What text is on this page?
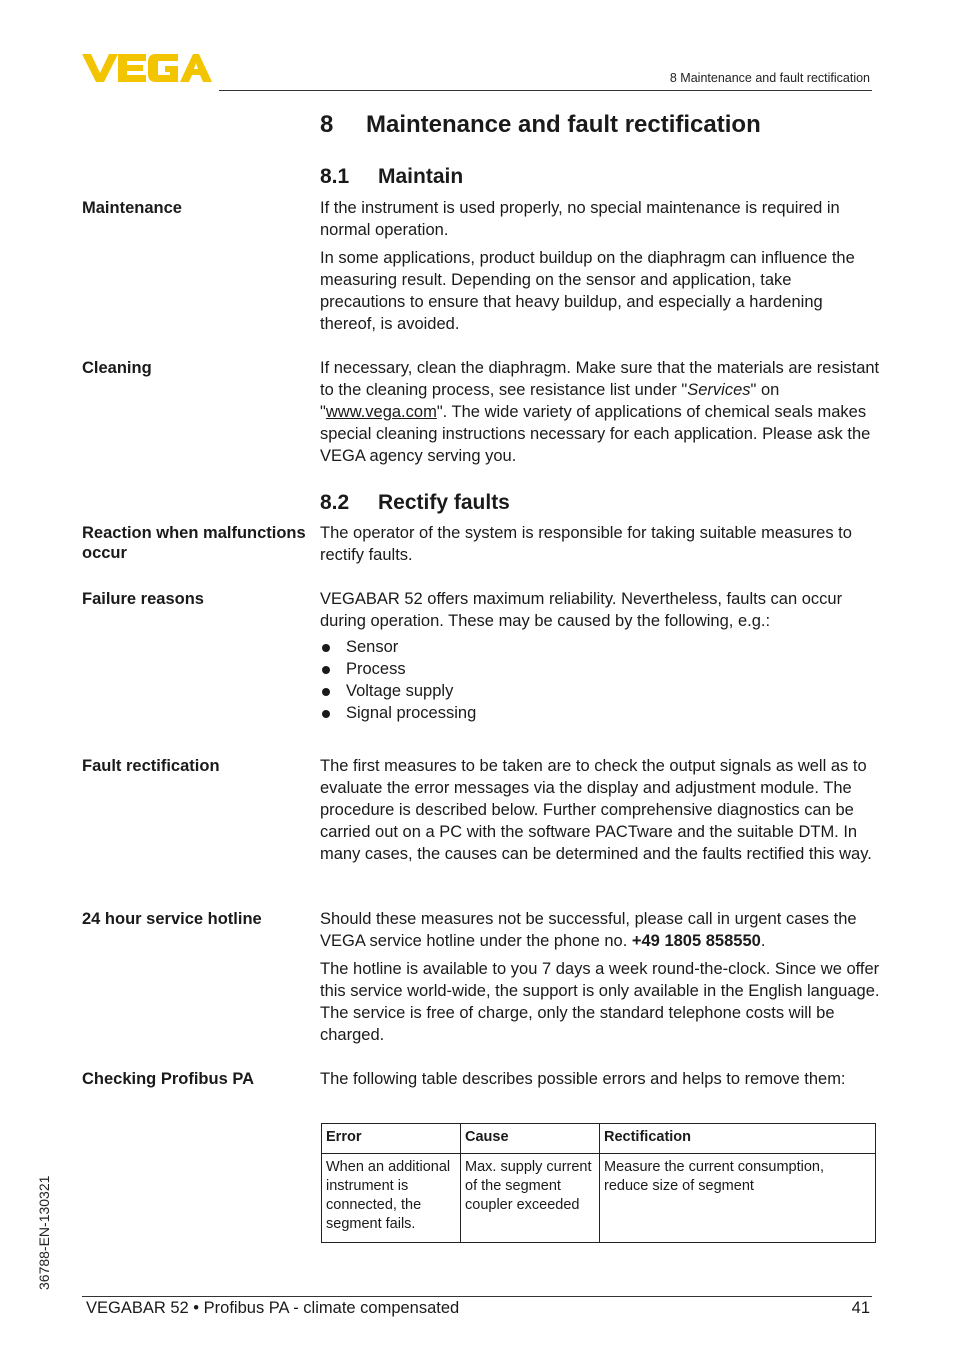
8 Maintenance and fault rectification
8 Maintenance and fault rectification
8.1 Maintain
Maintenance	If the instrument is used properly, no special maintenance is required in normal operation.

In some applications, product buildup on the diaphragm can influence the measuring result. Depending on the sensor and application, take precautions to ensure that heavy buildup, and especially a hardening thereof, is avoided.

Cleaning	If necessary, clean the diaphragm. Make sure that the materials are resistant to the cleaning process, see resistance list under "Services" on "www.vega.com". The wide variety of applications of chemical seals makes special cleaning instructions necessary for each application. Please ask the VEGA agency serving you.

8.2 Rectify faults
Reaction when malfunctions occur

The operator of the system is responsible for taking suitable measures to rectify faults.

Failure reasons	VEGABAR 52 offers maximum reliability. Nevertheless, faults can occur during operation. These may be caused by the following, e.g.:

Sensor
Process
Voltage supply
Signal processing
Fault rectification	The first measures to be taken are to check the output signals as well as to evaluate the error messages via the display and adjustment module. The procedure is described below. Further comprehensive diagnostics can be carried out on a PC with the software PACTware and the suitable DTM. In many cases, the causes can be determined and the faults rectified this way.

24 hour service hotline	Should these measures not be successful, please call in urgent cases the VEGA service hotline under the phone no. +49 1805 858550.

The hotline is available to you 7 days a week round-the-clock. Since we offer this service world-wide, the support is only available in the English language. The service is free of charge, only the standard telephone costs will be charged.

Checking Profibus PA	The following table describes possible errors and helps to remove them:

Error	Cause	Rectification
When an additional instrument is connected, the segment fails.	Max. supply current of the segment coupler exceeded	Measure the current consumption, reduce size of segment
36788-EN-130321
VEGABAR 52 • Profibus PA - climate compensated	41
